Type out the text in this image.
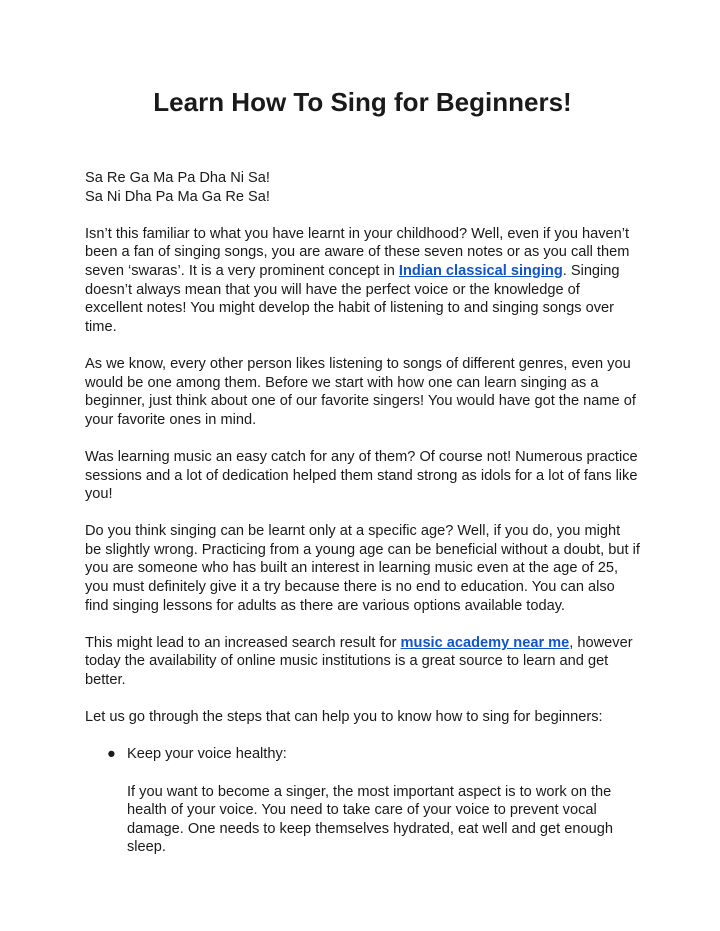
Learn How To Sing for Beginners!

Sa Re Ga Ma Pa Dha Ni Sa!
Sa Ni Dha Pa Ma Ga Re Sa!

Isn’t this familiar to what you have learnt in your childhood? Well, even if you haven’t been a fan of singing songs, you are aware of these seven notes or as you call them seven ‘swaras’. It is a very prominent concept in Indian classical singing. Singing doesn’t always mean that you will have the perfect voice or the knowledge of excellent notes! You might develop the habit of listening to and singing songs over time.

As we know, every other person likes listening to songs of different genres, even you would be one among them. Before we start with how one can learn singing as a beginner, just think about one of our favorite singers! You would have got the name of your favorite ones in mind.

Was learning music an easy catch for any of them? Of course not! Numerous practice sessions and a lot of dedication helped them stand strong as idols for a lot of fans like you!

Do you think singing can be learnt only at a specific age? Well, if you do, you might be slightly wrong. Practicing from a young age can be beneficial without a doubt, but if you are someone who has built an interest in learning music even at the age of 25, you must definitely give it a try because there is no end to education. You can also find singing lessons for adults as there are various options available today.

This might lead to an increased search result for music academy near me, however today the availability of online music institutions is a great source to learn and get better.

Let us go through the steps that can help you to know how to sing for beginners:

● Keep your voice healthy:
If you want to become a singer, the most important aspect is to work on the health of your voice. You need to take care of your voice to prevent vocal damage. One needs to keep themselves hydrated, eat well and get enough sleep.
